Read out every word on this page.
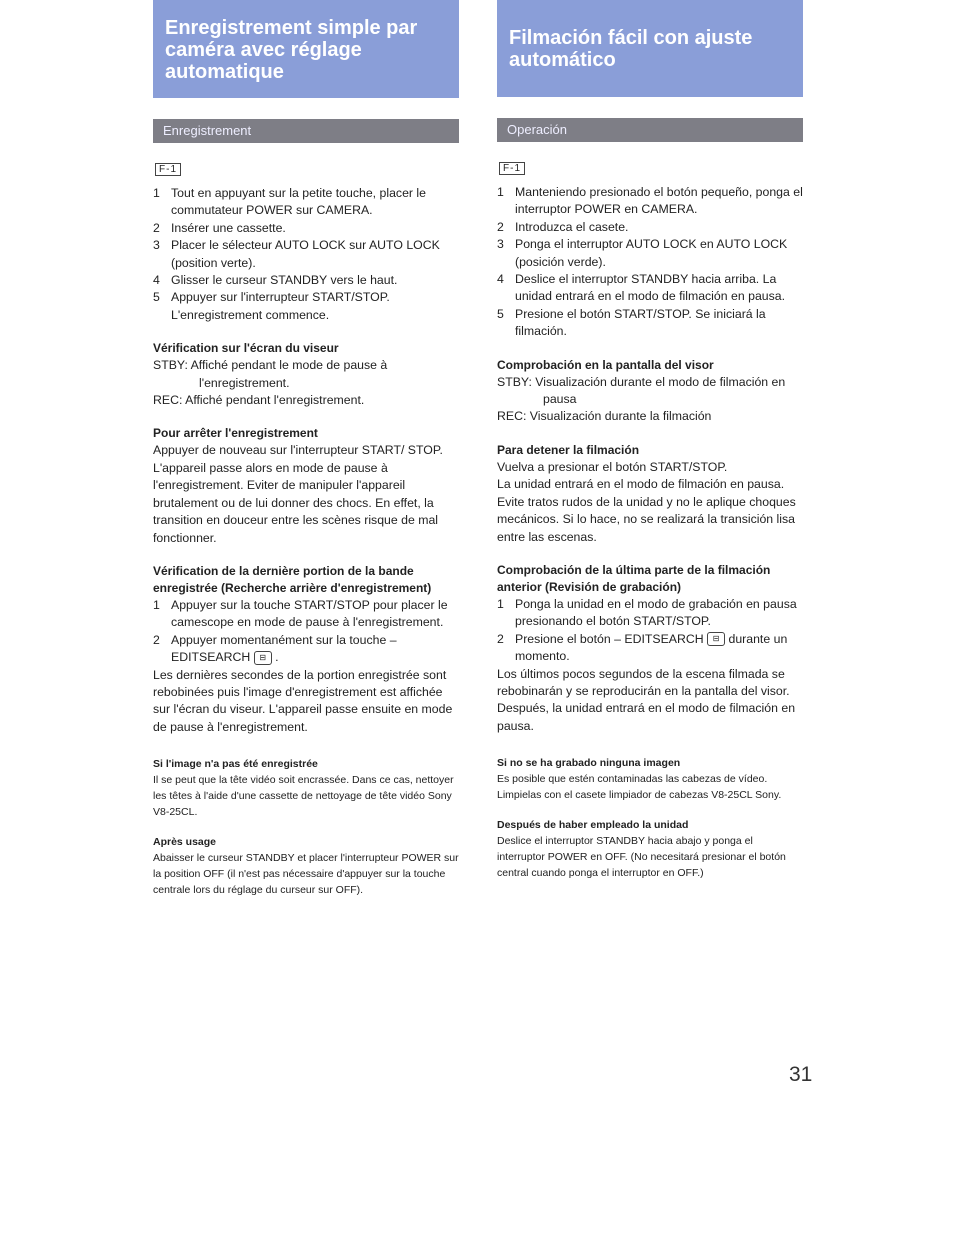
Enregistrement simple par caméra avec réglage automatique
Enregistrement
F-1
1 Tout en appuyant sur la petite touche, placer le commutateur POWER sur CAMERA.
2 Insérer une cassette.
3 Placer le sélecteur AUTO LOCK sur AUTO LOCK (position verte).
4 Glisser le curseur STANDBY vers le haut.
5 Appuyer sur l'interrupteur START/STOP. L'enregistrement commence.
Vérification sur l'écran du viseur

STBY: Affiché pendant le mode de pause à l'enregistrement.

REC: Affiché pendant l'enregistrement.

Pour arrêter l'enregistrement

Appuyer de nouveau sur l'interrupteur START/ STOP.

L'appareil passe alors en mode de pause à l'enregistrement. Eviter de manipuler l'appareil brutalement ou de lui donner des chocs. En effet, la transition en douceur entre les scènes risque de mal fonctionner.

Vérification de la dernière portion de la bande enregistrée (Recherche arrière d'enregistrement)
1 Appuyer sur la touche START/STOP pour placer le camescope en mode de pause à l'enregistrement.
2 Appuyer momentanément sur la touche – EDITSEARCH ⊟ .

Les dernières secondes de la portion enregistrée sont rebobinées puis l'image d'enregistrement est affichée sur l'écran du viseur. L'appareil passe ensuite en mode de pause à l'enregistrement.

Si l'image n'a pas été enregistrée

Il se peut que la tête vidéo soit encrassée. Dans ce cas, nettoyer les têtes à l'aide d'une cassette de nettoyage de tête vidéo Sony V8-25CL.

Après usage

Abaisser le curseur STANDBY et placer l'interrupteur POWER sur la position OFF (il n'est pas nécessaire d'appuyer sur la touche centrale lors du réglage du curseur sur OFF).

Filmación fácil con ajuste automático
Operación
F-1
1 Manteniendo presionado el botón pequeño, ponga el interruptor POWER en CAMERA.
2 Introduzca el casete.
3 Ponga el interruptor AUTO LOCK en AUTO LOCK (posición verde).
4 Deslice el interruptor STANDBY hacia arriba. La unidad entrará en el modo de filmación en pausa.
5 Presione el botón START/STOP. Se iniciará la filmación.
Comprobación en la pantalla del visor

STBY: Visualización durante el modo de filmación en pausa

REC: Visualización durante la filmación

Para detener la filmación

Vuelva a presionar el botón START/STOP.

La unidad entrará en el modo de filmación en pausa. Evite tratos rudos de la unidad y no le aplique choques mecánicos. Si lo hace, no se realizará la transición lisa entre las escenas.

Comprobación de la última parte de la filmación anterior (Revisión de grabación)
1 Ponga la unidad en el modo de grabación en pausa presionando el botón START/STOP.
2 Presione el botón – EDITSEARCH ⊟ durante un momento.

Los últimos pocos segundos de la escena filmada se rebobinarán y se reproducirán en la pantalla del visor. Después, la unidad entrará en el modo de filmación en pausa.

Si no se ha grabado ninguna imagen

Es posible que estén contaminadas las cabezas de vídeo. Limpielas con el casete limpiador de cabezas V8-25CL Sony.

Después de haber empleado la unidad

Deslice el interruptor STANDBY hacia abajo y ponga el interruptor POWER en OFF. (No necesitará presionar el botón central cuando ponga el interruptor en OFF.)

31
